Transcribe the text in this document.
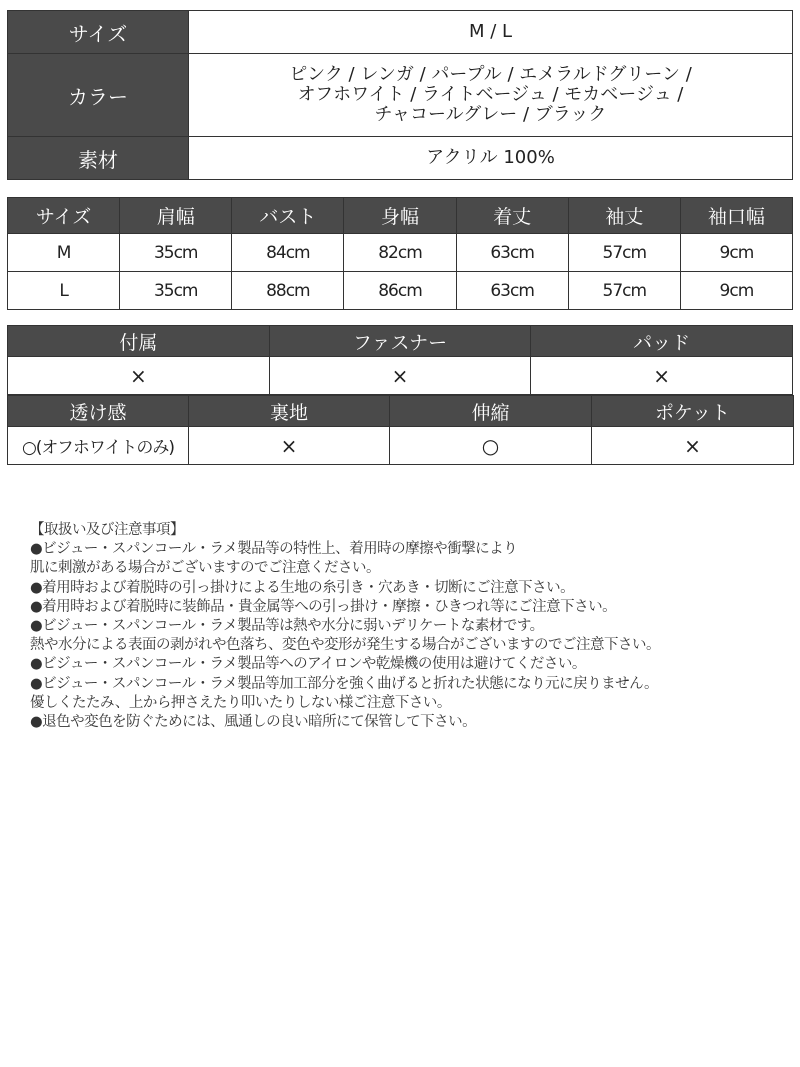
サイズ	M / L
カラー	ピンク / レンガ / パープル / エメラルドグリーン /
オフホワイト / ライトベージュ / モカベージュ /
チャコールグレー / ブラック

素材	アクリル 100%
サイズ	肩幅	バスト	身幅	着丈	袖丈	袖口幅
M	35cm	84cm	82cm	63cm	57cm	9cm
L	35cm	88cm	86cm	63cm	57cm	9cm
付属	ファスナー	パッド
×	×	×
透け感	裏地	伸縮	ポケット
○(オフホワイトのみ)	×	○	×
【取扱い及び注意事項】
●ビジュー・スパンコール・ラメ製品等の特性上、着用時の摩擦や衝撃により
肌に刺激がある場合がございますのでご注意ください。
●着用時および着脱時の引っ掛けによる生地の糸引き・穴あき・切断にご注意下さい。
●着用時および着脱時に装飾品・貴金属等への引っ掛け・摩擦・ひきつれ等にご注意下さい。
●ビジュー・スパンコール・ラメ製品等は熱や水分に弱いデリケートな素材です。
熱や水分による表面の剥がれや色落ち、変色や変形が発生する場合がございますのでご注意下さい。
●ビジュー・スパンコール・ラメ製品等へのアイロンや乾燥機の使用は避けてください。
●ビジュー・スパンコール・ラメ製品等加工部分を強く曲げると折れた状態になり元に戻りません。
優しくたたみ、上から押さえたり叩いたりしない様ご注意下さい。
●退色や変色を防ぐためには、風通しの良い暗所にて保管して下さい。
